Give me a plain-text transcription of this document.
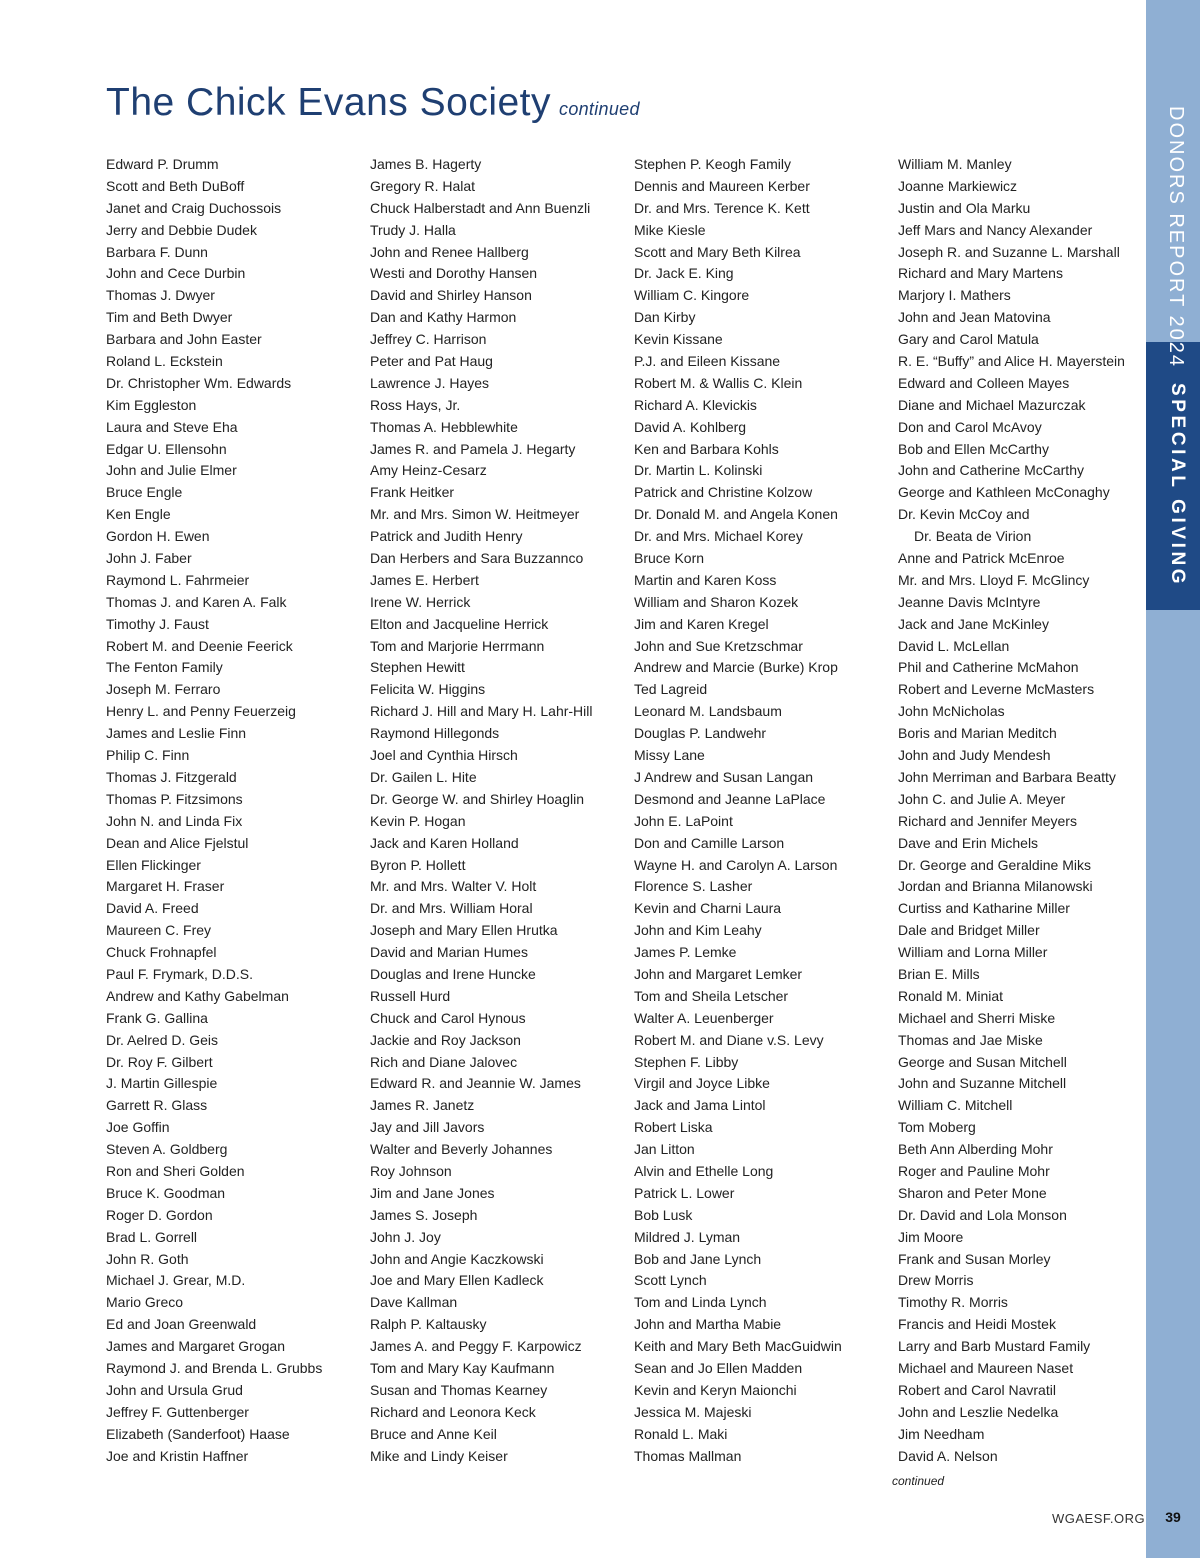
The Chick Evans Society continued
Edward P. Drumm
Scott and Beth DuBoff
Janet and Craig Duchossois
Jerry and Debbie Dudek
Barbara F. Dunn
John and Cece Durbin
Thomas J. Dwyer
Tim and Beth Dwyer
Barbara and John Easter
Roland L. Eckstein
Dr. Christopher Wm. Edwards
Kim Eggleston
Laura and Steve Eha
Edgar U. Ellensohn
John and Julie Elmer
Bruce Engle
Ken Engle
Gordon H. Ewen
John J. Faber
Raymond L. Fahrmeier
Thomas J. and Karen A. Falk
Timothy J. Faust
Robert M. and Deenie Feerick
The Fenton Family
Joseph M. Ferraro
Henry L. and Penny Feuerzeig
James and Leslie Finn
Philip C. Finn
Thomas J. Fitzgerald
Thomas P. Fitzsimons
John N. and Linda Fix
Dean and Alice Fjelstul
Ellen Flickinger
Margaret H. Fraser
David A. Freed
Maureen C. Frey
Chuck Frohnapfel
Paul F. Frymark, D.D.S.
Andrew and Kathy Gabelman
Frank G. Gallina
Dr. Aelred D. Geis
Dr. Roy F. Gilbert
J. Martin Gillespie
Garrett R. Glass
Joe Goffin
Steven A. Goldberg
Ron and Sheri Golden
Bruce K. Goodman
Roger D. Gordon
Brad L. Gorrell
John R. Goth
Michael J. Grear, M.D.
Mario Greco
Ed and Joan Greenwald
James and Margaret Grogan
Raymond J. and Brenda L. Grubbs
John and Ursula Grud
Jeffrey F. Guttenberger
Elizabeth (Sanderfoot) Haase
Joe and Kristin Haffner
James B. Hagerty
Gregory R. Halat
Chuck Halberstadt and Ann Buenzli
Trudy J. Halla
John and Renee Hallberg
Westi and Dorothy Hansen
David and Shirley Hanson
Dan and Kathy Harmon
Jeffrey C. Harrison
Peter and Pat Haug
Lawrence J. Hayes
Ross Hays, Jr.
Thomas A. Hebblewhite
James R. and Pamela J. Hegarty
Amy Heinz-Cesarz
Frank Heitker
Mr. and Mrs. Simon W. Heitmeyer
Patrick and Judith Henry
Dan Herbers and Sara Buzzannco
James E. Herbert
Irene W. Herrick
Elton and Jacqueline Herrick
Tom and Marjorie Herrmann
Stephen Hewitt
Felicita W. Higgins
Richard J. Hill and Mary H. Lahr-Hill
Raymond Hillegonds
Joel and Cynthia Hirsch
Dr. Gailen L. Hite
Dr. George W. and Shirley Hoaglin
Kevin P. Hogan
Jack and Karen Holland
Byron P. Hollett
Mr. and Mrs. Walter V. Holt
Dr. and Mrs. William Horal
Joseph and Mary Ellen Hrutka
David and Marian Humes
Douglas and Irene Huncke
Russell Hurd
Chuck and Carol Hynous
Jackie and Roy Jackson
Rich and Diane Jalovec
Edward R. and Jeannie W. James
James R. Janetz
Jay and Jill Javors
Walter and Beverly Johannes
Roy Johnson
Jim and Jane Jones
James S. Joseph
John J. Joy
John and Angie Kaczkowski
Joe and Mary Ellen Kadleck
Dave Kallman
Ralph P. Kaltausky
James A. and Peggy F. Karpowicz
Tom and Mary Kay Kaufmann
Susan and Thomas Kearney
Richard and Leonora Keck
Bruce and Anne Keil
Mike and Lindy Keiser
Stephen P. Keogh Family
Dennis and Maureen Kerber
Dr. and Mrs. Terence K. Kett
Mike Kiesle
Scott and Mary Beth Kilrea
Dr. Jack E. King
William C. Kingore
Dan Kirby
Kevin Kissane
P.J. and Eileen Kissane
Robert M. & Wallis C. Klein
Richard A. Klevickis
David A. Kohlberg
Ken and Barbara Kohls
Dr. Martin L. Kolinski
Patrick and Christine Kolzow
Dr. Donald M. and Angela Konen
Dr. and Mrs. Michael Korey
Bruce Korn
Martin and Karen Koss
William and Sharon Kozek
Jim and Karen Kregel
John and Sue Kretzschmar
Andrew and Marcie (Burke) Krop
Ted Lagreid
Leonard M. Landsbaum
Douglas P. Landwehr
Missy Lane
J Andrew and Susan Langan
Desmond and Jeanne LaPlace
John E. LaPoint
Don and Camille Larson
Wayne H. and Carolyn A. Larson
Florence S. Lasher
Kevin and Charni Laura
John and Kim Leahy
James P. Lemke
John and Margaret Lemker
Tom and Sheila Letscher
Walter A. Leuenberger
Robert M. and Diane v.S. Levy
Stephen F. Libby
Virgil and Joyce Libke
Jack and Jama Lintol
Robert Liska
Jan Litton
Alvin and Ethelle Long
Patrick L. Lower
Bob Lusk
Mildred J. Lyman
Bob and Jane Lynch
Scott Lynch
Tom and Linda Lynch
John and Martha Mabie
Keith and Mary Beth MacGuidwin
Sean and Jo Ellen Madden
Kevin and Keryn Maionchi
Jessica M. Majeski
Ronald L. Maki
Thomas Mallman
William M. Manley
Joanne Markiewicz
Justin and Ola Marku
Jeff Mars and Nancy Alexander
Joseph R. and Suzanne L. Marshall
Richard and Mary Martens
Marjory I. Mathers
John and Jean Matovina
Gary and Carol Matula
R. E. “Buffy” and Alice H. Mayerstein
Edward and Colleen Mayes
Diane and Michael Mazurczak
Don and Carol McAvoy
Bob and Ellen McCarthy
John and Catherine McCarthy
George and Kathleen McConaghy
Dr. Kevin McCoy and
Dr. Beata de Virion
Anne and Patrick McEnroe
Mr. and Mrs. Lloyd F. McGlincy
Jeanne Davis McIntyre
Jack and Jane McKinley
David L. McLellan
Phil and Catherine McMahon
Robert and Leverne McMasters
John McNicholas
Boris and Marian Meditch
John and Judy Mendesh
John Merriman and Barbara Beatty
John C. and Julie A. Meyer
Richard and Jennifer Meyers
Dave and Erin Michels
Dr. George and Geraldine Miks
Jordan and Brianna Milanowski
Curtiss and Katharine Miller
Dale and Bridget Miller
William and Lorna Miller
Brian E. Mills
Ronald M. Miniat
Michael and Sherri Miske
Thomas and Jae Miske
George and Susan Mitchell
John and Suzanne Mitchell
William C. Mitchell
Tom Moberg
Beth Ann Alberding Mohr
Roger and Pauline Mohr
Sharon and Peter Mone
Dr. David and Lola Monson
Jim Moore
Frank and Susan Morley
Drew Morris
Timothy R. Morris
Francis and Heidi Mostek
Larry and Barb Mustard Family
Michael and Maureen Naset
Robert and Carol Navratil
John and Leszlie Nedelka
Jim Needham
David A. Nelson
continued
WGAESF.ORG
DONORS REPORT 2024
SPECIAL GIVING
39
